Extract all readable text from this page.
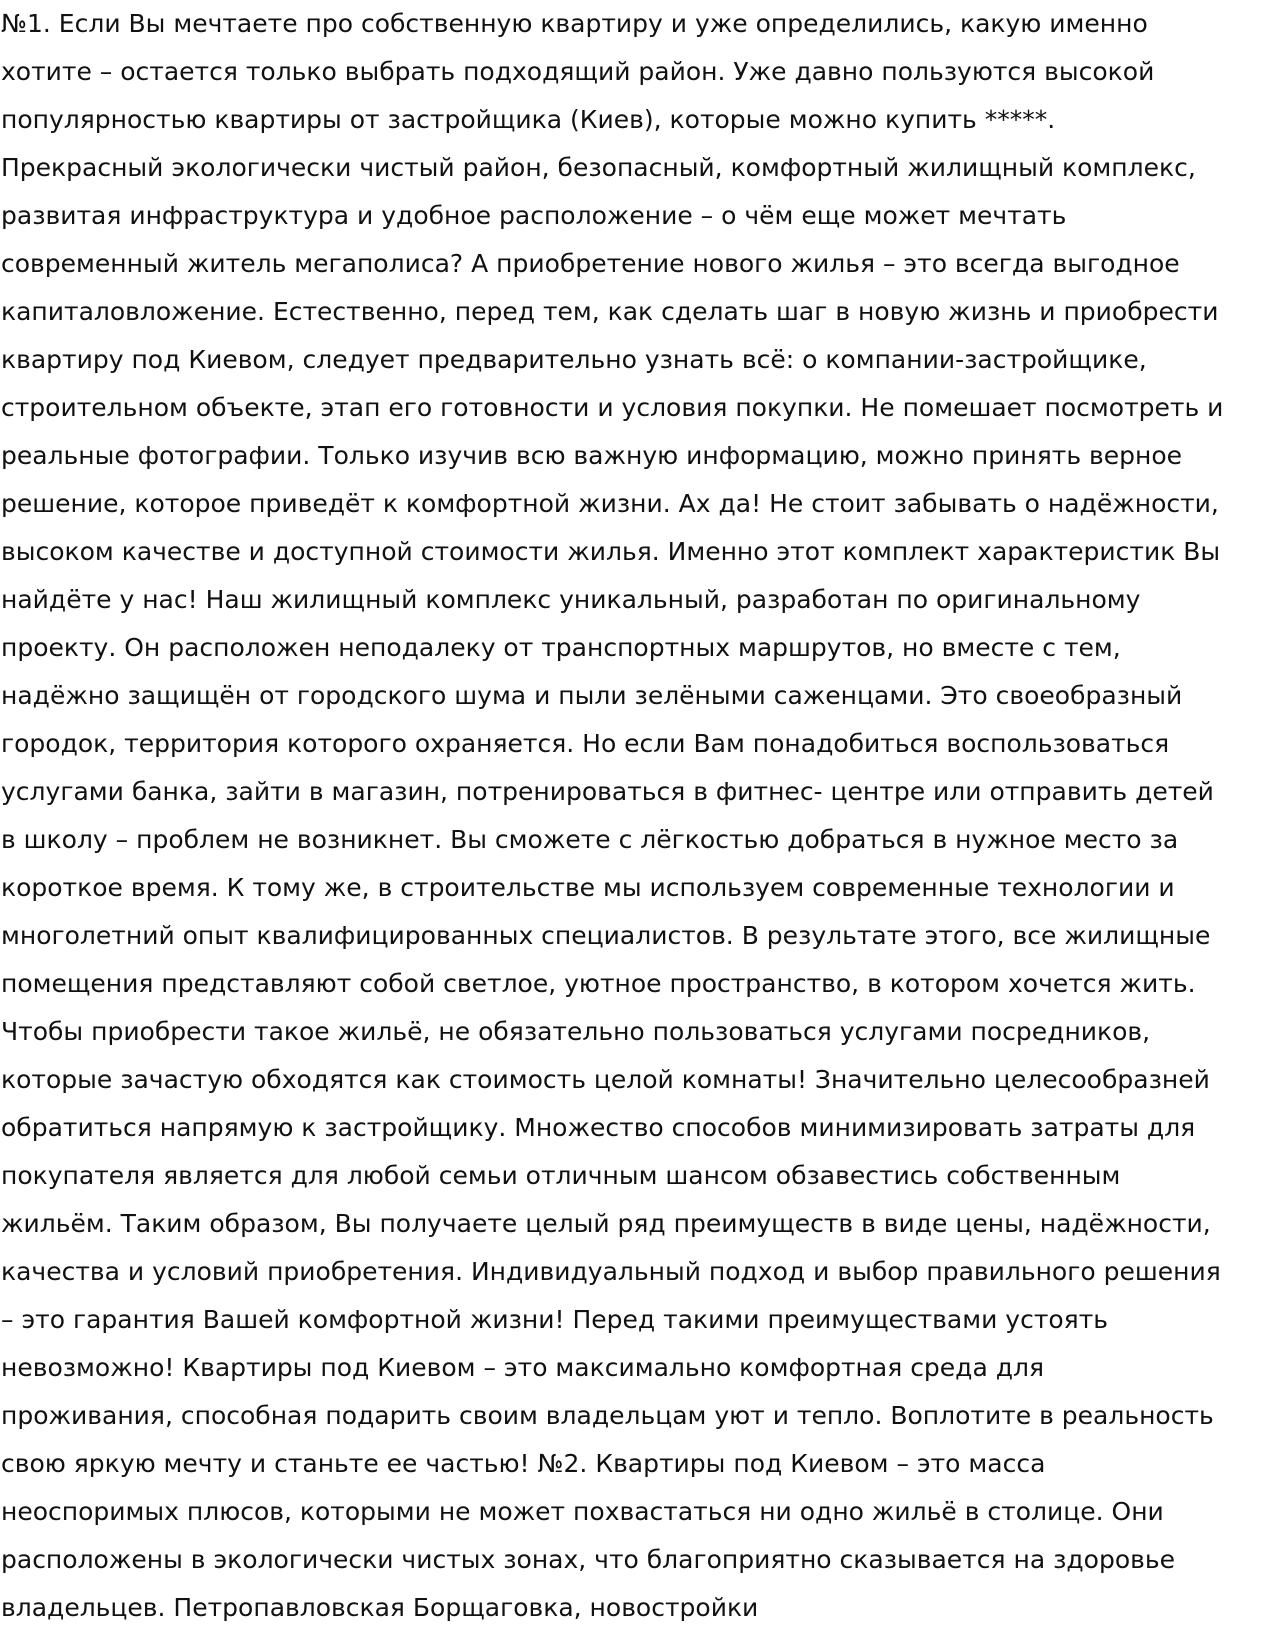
№1. Если Вы мечтаете про собственную квартиру и уже определились, какую именно
хотите – остается только выбрать подходящий район. Уже давно пользуются высокой
популярностью квартиры от застройщика (Киев), которые можно купить *****.
Прекрасный экологически чистый район, безопасный, комфортный жилищный комплекс,
развитая инфраструктура и удобное расположение – о чём еще может мечтать
современный житель мегаполиса? А приобретение нового жилья – это всегда выгодное
капиталовложение. Естественно, перед тем, как сделать шаг в новую жизнь и приобрести
квартиру под Киевом, следует предварительно узнать всё: о компании-застройщике,
строительном объекте, этап его готовности и условия покупки. Не помешает посмотреть и
реальные фотографии. Только изучив всю важную информацию, можно принять верное
решение, которое приведёт к комфортной жизни. Ах да! Не стоит забывать о надёжности,
высоком качестве и доступной стоимости жилья. Именно этот комплект характеристик Вы
найдёте у нас! Наш жилищный комплекс уникальный, разработан по оригинальному
проекту. Он расположен неподалеку от транспортных маршрутов, но вместе с тем,
надёжно защищён от городского шума и пыли зелёными саженцами. Это своеобразный
городок, территория которого охраняется. Но если Вам понадобиться воспользоваться
услугами банка, зайти в магазин, потренироваться в фитнес- центре или отправить детей
в школу – проблем не возникнет. Вы сможете с лёгкостью добраться в нужное место за
короткое время. К тому же, в строительстве мы используем современные технологии и
многолетний опыт квалифицированных специалистов. В результате этого, все жилищные
помещения представляют собой светлое, уютное пространство, в котором хочется жить.
Чтобы приобрести такое жильё, не обязательно пользоваться услугами посредников,
которые зачастую обходятся как стоимость целой комнаты! Значительно целесообразней
обратиться напрямую к застройщику. Множество способов минимизировать затраты для
покупателя является для любой семьи отличным шансом обзавестись собственным
жильём. Таким образом, Вы получаете целый ряд преимуществ в виде цены, надёжности,
качества и условий приобретения. Индивидуальный подход и выбор правильного решения
– это гарантия Вашей комфортной жизни! Перед такими преимуществами устоять
невозможно! Квартиры под Киевом – это максимально комфортная среда для
проживания, способная подарить своим владельцам уют и тепло. Воплотите в реальность
свою яркую мечту и станьте ее частью! №2. Квартиры под Киевом – это масса
неоспоримых плюсов, которыми не может похвастаться ни одно жильё в столице. Они
расположены в экологически чистых зонах, что благоприятно сказывается на здоровье
владельцев. Петропавловская Борщаговка, новостройки
